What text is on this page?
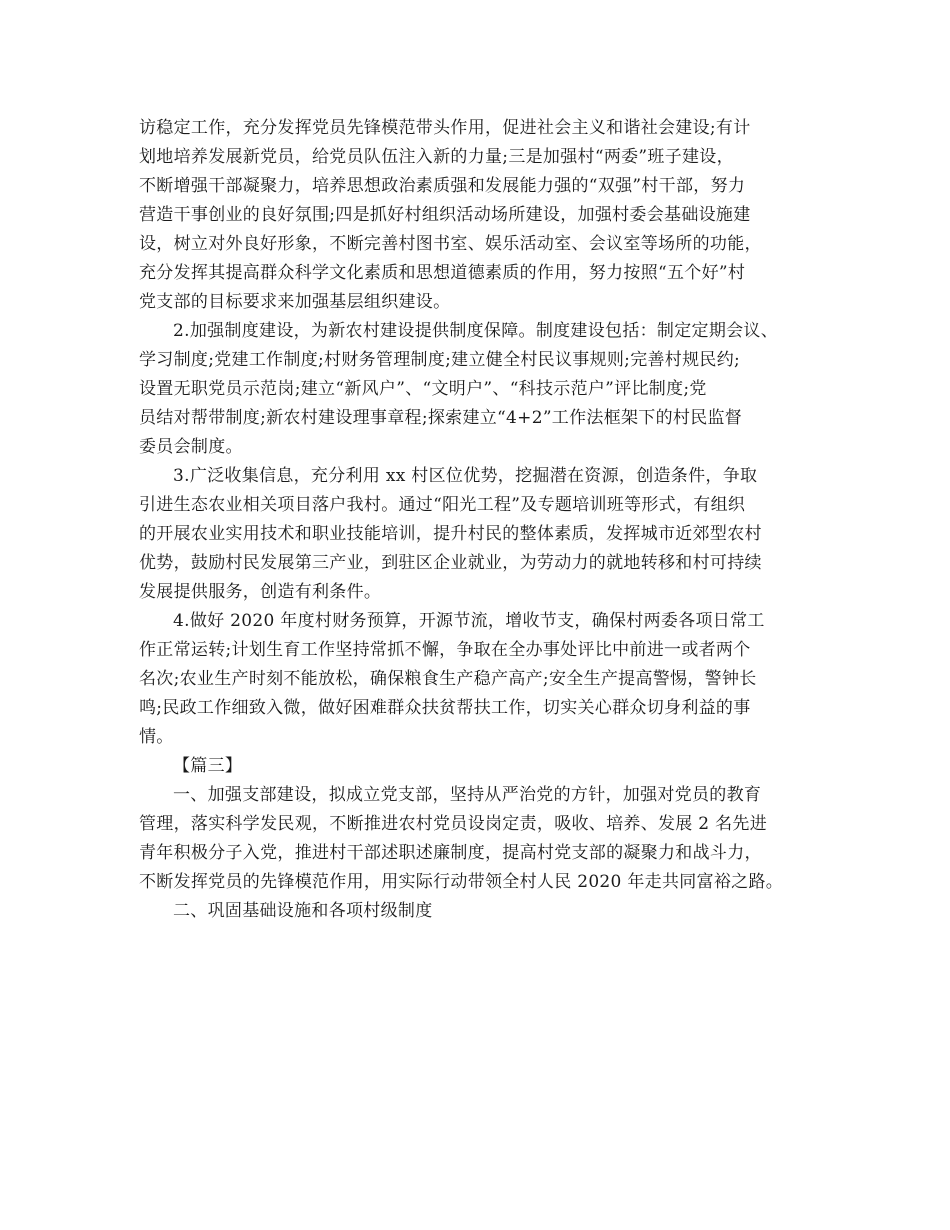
访稳定工作，充分发挥党员先锋模范带头作用，促进社会主义和谐社会建设;有计
划地培养发展新党员，给党员队伍注入新的力量;三是加强村“两委”班子建设，
不断增强干部凝聚力，培养思想政治素质强和发展能力强的“双强”村干部，努力
营造干事创业的良好氛围;四是抓好村组织活动场所建设，加强村委会基础设施建
设，树立对外良好形象，不断完善村图书室、娱乐活动室、会议室等场所的功能，
充分发挥其提高群众科学文化素质和思想道德素质的作用，努力按照“五个好”村
党支部的目标要求来加强基层组织建设。
2.加强制度建设，为新农村建设提供制度保障。制度建设包括：制定定期会议、
学习制度;党建工作制度;村财务管理制度;建立健全村民议事规则;完善村规民约;
设置无职党员示范岗;建立“新风户”、“文明户”、“科技示范户”评比制度;党
员结对帮带制度;新农村建设理事章程;探索建立“4+2”工作法框架下的村民监督
委员会制度。
3.广泛收集信息，充分利用 xx 村区位优势，挖掘潜在资源，创造条件，争取
引进生态农业相关项目落户我村。通过“阳光工程”及专题培训班等形式，有组织
的开展农业实用技术和职业技能培训，提升村民的整体素质，发挥城市近郊型农村
优势，鼓励村民发展第三产业，到驻区企业就业，为劳动力的就地转移和村可持续
发展提供服务，创造有利条件。
4.做好 2020 年度村财务预算，开源节流，增收节支，确保村两委各项日常工
作正常运转;计划生育工作坚持常抓不懈，争取在全办事处评比中前进一或者两个
名次;农业生产时刻不能放松，确保粮食生产稳产高产;安全生产提高警惕，警钟长
鸣;民政工作细致入微，做好困难群众扶贫帮扶工作，切实关心群众切身利益的事
情。
【篇三】
一、加强支部建设，拟成立党支部，坚持从严治党的方针，加强对党员的教育
管理，落实科学发民观，不断推进农村党员设岗定责，吸收、培养、发展 2 名先进
青年积极分子入党，推进村干部述职述廉制度，提高村党支部的凝聚力和战斗力，
不断发挥党员的先锋模范作用，用实际行动带领全村人民 2020 年走共同富裕之路。
二、巩固基础设施和各项村级制度
